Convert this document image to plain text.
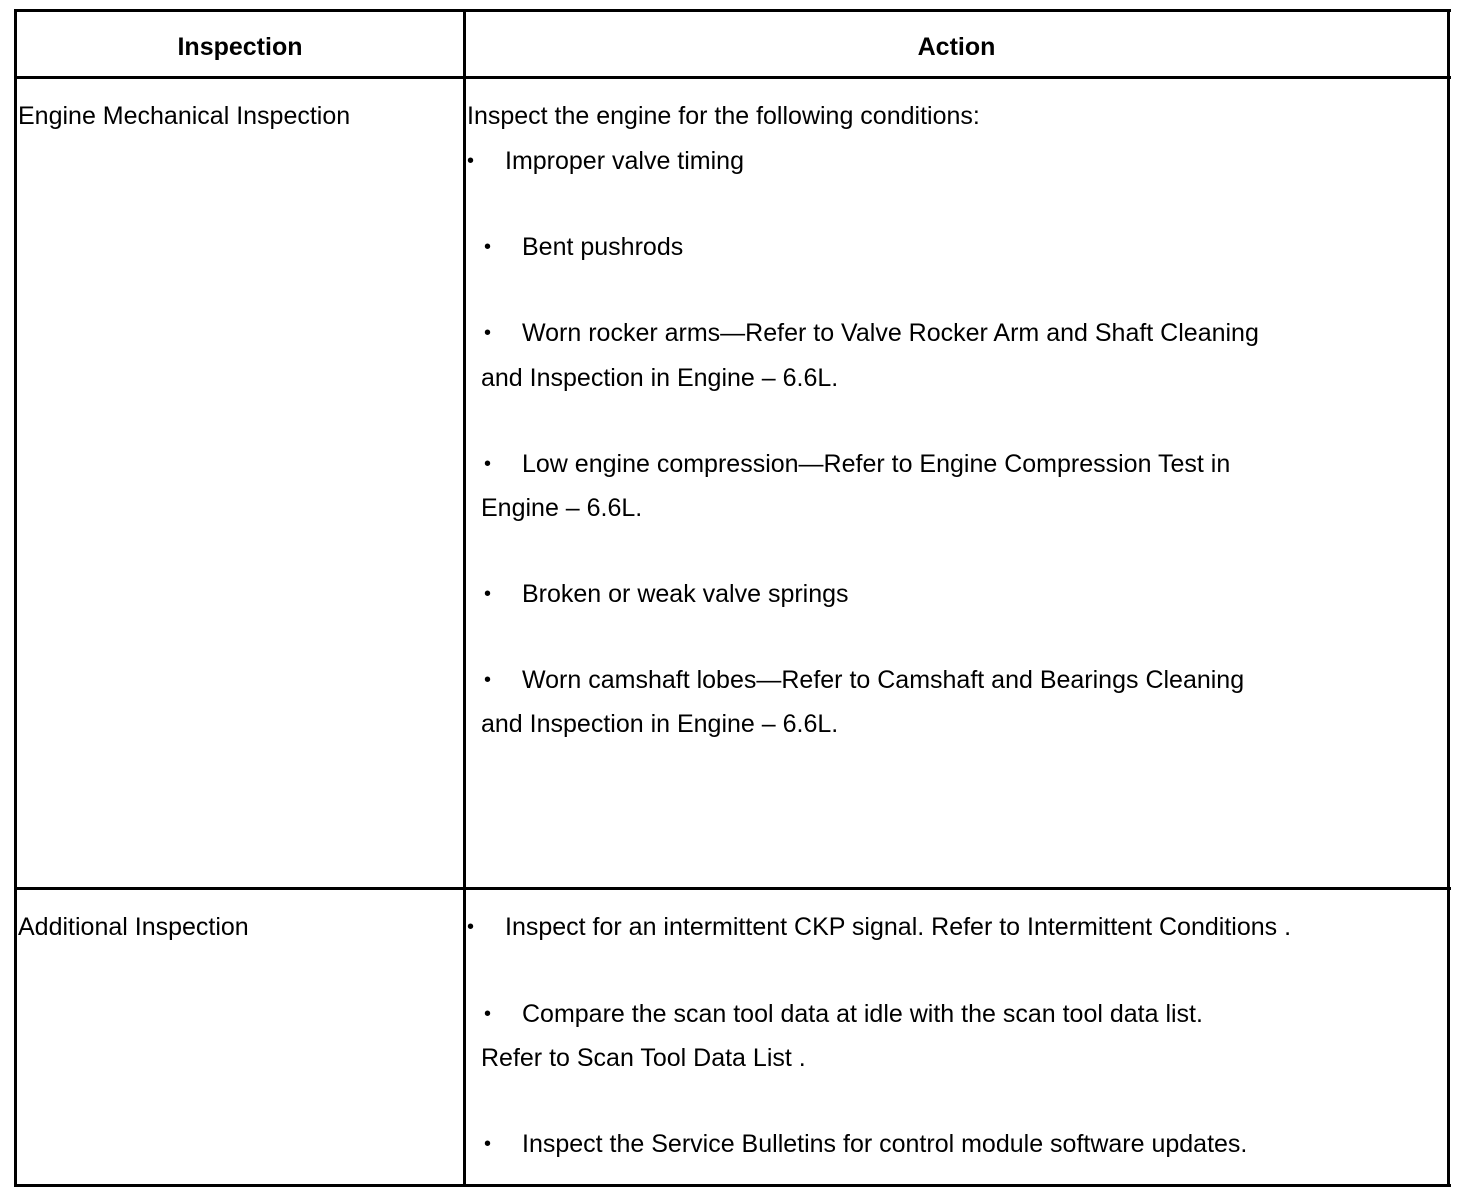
Inspection	Action
Engine Mechanical Inspection	Inspect the engine for the following conditions:
• Improper valve timing
• Bent pushrods
• Worn rocker arms—Refer to Valve Rocker Arm and Shaft Cleaning
and Inspection in Engine – 6.6L.
• Low engine compression—Refer to Engine Compression Test in
Engine – 6.6L.
• Broken or weak valve springs
• Worn camshaft lobes—Refer to Camshaft and Bearings Cleaning
and Inspection in Engine – 6.6L.
Additional Inspection	• Inspect for an intermittent CKP signal. Refer to Intermittent Conditions .
• Compare the scan tool data at idle with the scan tool data list.
Refer to Scan Tool Data List .
• Inspect the Service Bulletins for control module software updates.
